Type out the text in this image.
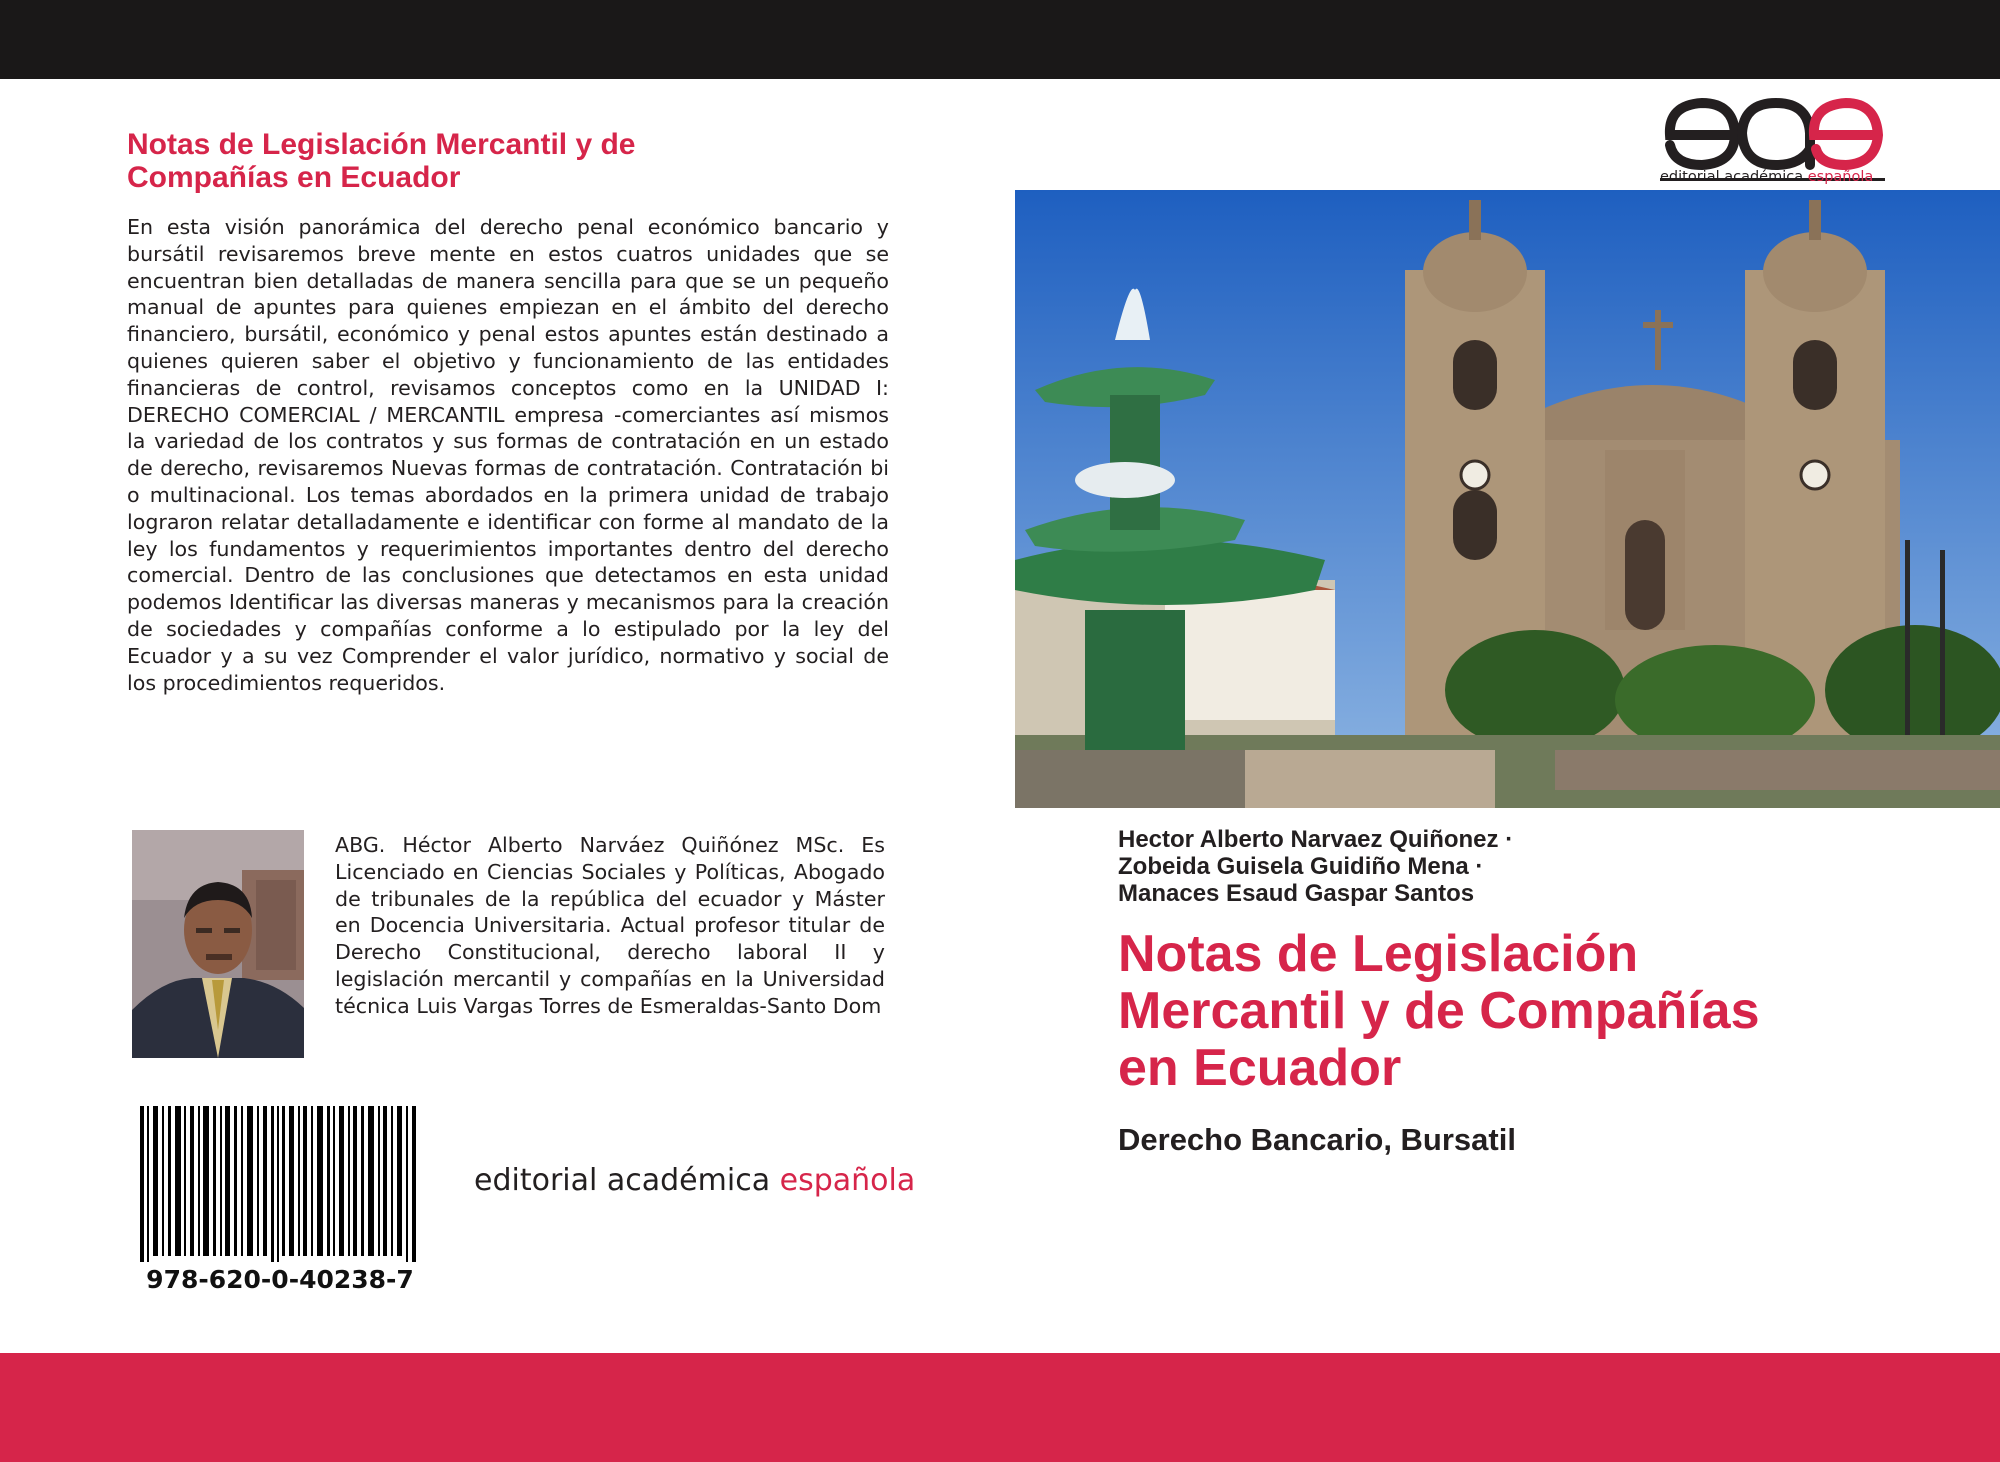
Notas de Legislación Mercantil y de
Compañías en Ecuador

En esta visión panorámica del derecho penal económico bancario y bursátil revisaremos breve mente en estos cuatros unidades que se encuentran bien detalladas de manera sencilla para que se un pequeño manual de apuntes para quienes empiezan en el ámbito del derecho financiero, bursátil, económico y penal estos apuntes están destinado a quienes quieren saber el objetivo y funcionamiento de las entidades financieras de control, revisamos conceptos como en la UNIDAD I: DERECHO COMERCIAL / MERCANTIL empresa -comerciantes así mismos la variedad de los contratos y sus formas de contratación en un estado de derecho, revisaremos Nuevas formas de contratación. Contratación bi o multinacional. Los temas abordados en la primera unidad de trabajo lograron relatar detalladamente e identificar con forme al mandato de la ley los fundamentos y requerimientos importantes dentro del derecho comercial. Dentro de las conclusiones que detectamos en esta unidad podemos Identificar las diversas maneras y mecanismos para la creación de sociedades y compañías conforme a lo estipulado por la ley del Ecuador y a su vez Comprender el valor jurídico, normativo y social de los procedimientos requeridos.

ABG. Héctor Alberto Narváez Quiñónez MSc. Es Licenciado en Ciencias Sociales y Políticas, Abogado de tribunales de la república del ecuador y Máster en Docencia Universitaria. Actual profesor titular de Derecho Constitucional, derecho laboral II y legislación mercantil y compañías en la Universidad técnica Luis Vargas Torres de Esmeraldas-Santo Dom

978-620-0-40238-7
editorial académica española
editorial académica española
Hector Alberto Narvaez Quiñonez ·
Zobeida Guisela Guidiño Mena ·
Manaces Esaud Gaspar Santos
Notas de Legislación
Mercantil y de Compañías
en Ecuador
Derecho Bancario, Bursatil
